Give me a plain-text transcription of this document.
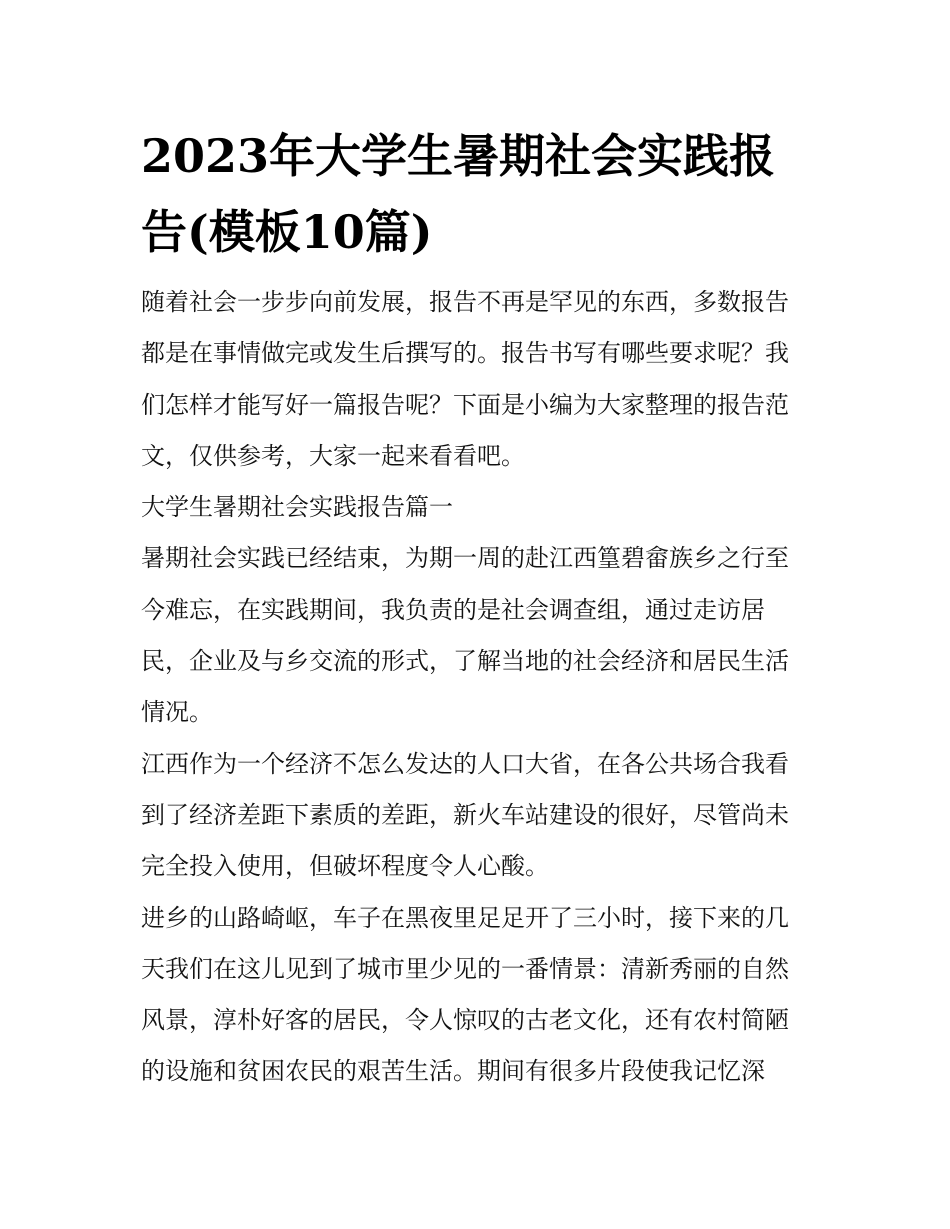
2023年大学生暑期社会实践报
告(模板10篇)
随着社会一步步向前发展，报告不再是罕见的东西，多数报告
都是在事情做完或发生后撰写的。报告书写有哪些要求呢？我
们怎样才能写好一篇报告呢？下面是小编为大家整理的报告范
文，仅供参考，大家一起来看看吧。
大学生暑期社会实践报告篇一
暑期社会实践已经结束，为期一周的赴江西篁碧畲族乡之行至
今难忘，在实践期间，我负责的是社会调查组，通过走访居
民，企业及与乡交流的形式，了解当地的社会经济和居民生活
情况。
江西作为一个经济不怎么发达的人口大省，在各公共场合我看
到了经济差距下素质的差距，新火车站建设的很好，尽管尚未
完全投入使用，但破坏程度令人心酸。
进乡的山路崎岖，车子在黑夜里足足开了三小时，接下来的几
天我们在这儿见到了城市里少见的一番情景：清新秀丽的自然
风景，淳朴好客的居民，令人惊叹的古老文化，还有农村简陋
的设施和贫困农民的艰苦生活。期间有很多片段使我记忆深
